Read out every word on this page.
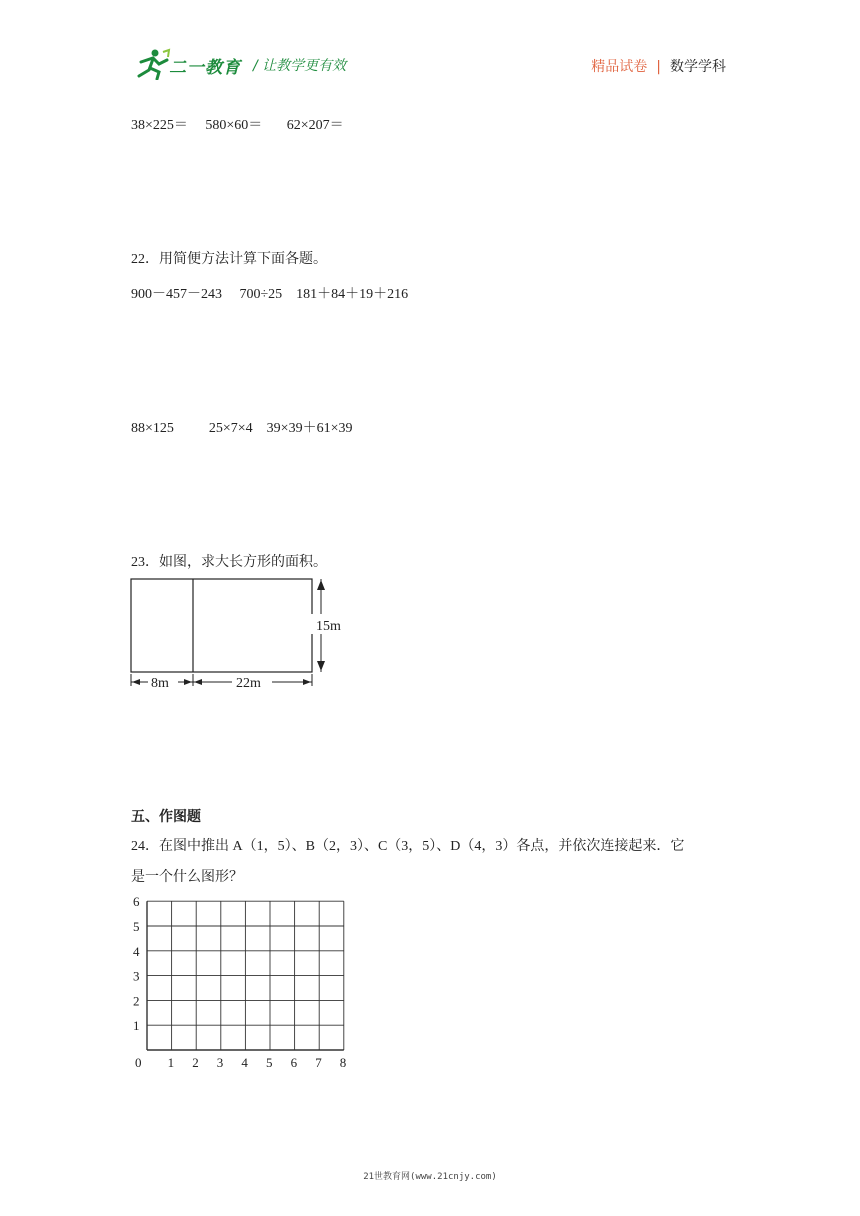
二一教育 / 让教学更有效	精品试卷 | 数学学科
38×225＝     580×60＝       62×207＝
22．用简便方法计算下面各题。
900－457－243     700÷25    181＋84＋19＋216
88×125          25×7×4    39×39＋61×39
23．如图，求大长方形的面积。
15m
8m	22m
五、作图题
24．在图中推出 A（1，5）、B（2，3）、C（3，5）、D（4，3）各点，并依次连接起来．它
是一个什么图形？
0 1 2 3 4 5 6 7 8
1
2
3
4
5
6
21世教育网(www.21cnjy.com)
